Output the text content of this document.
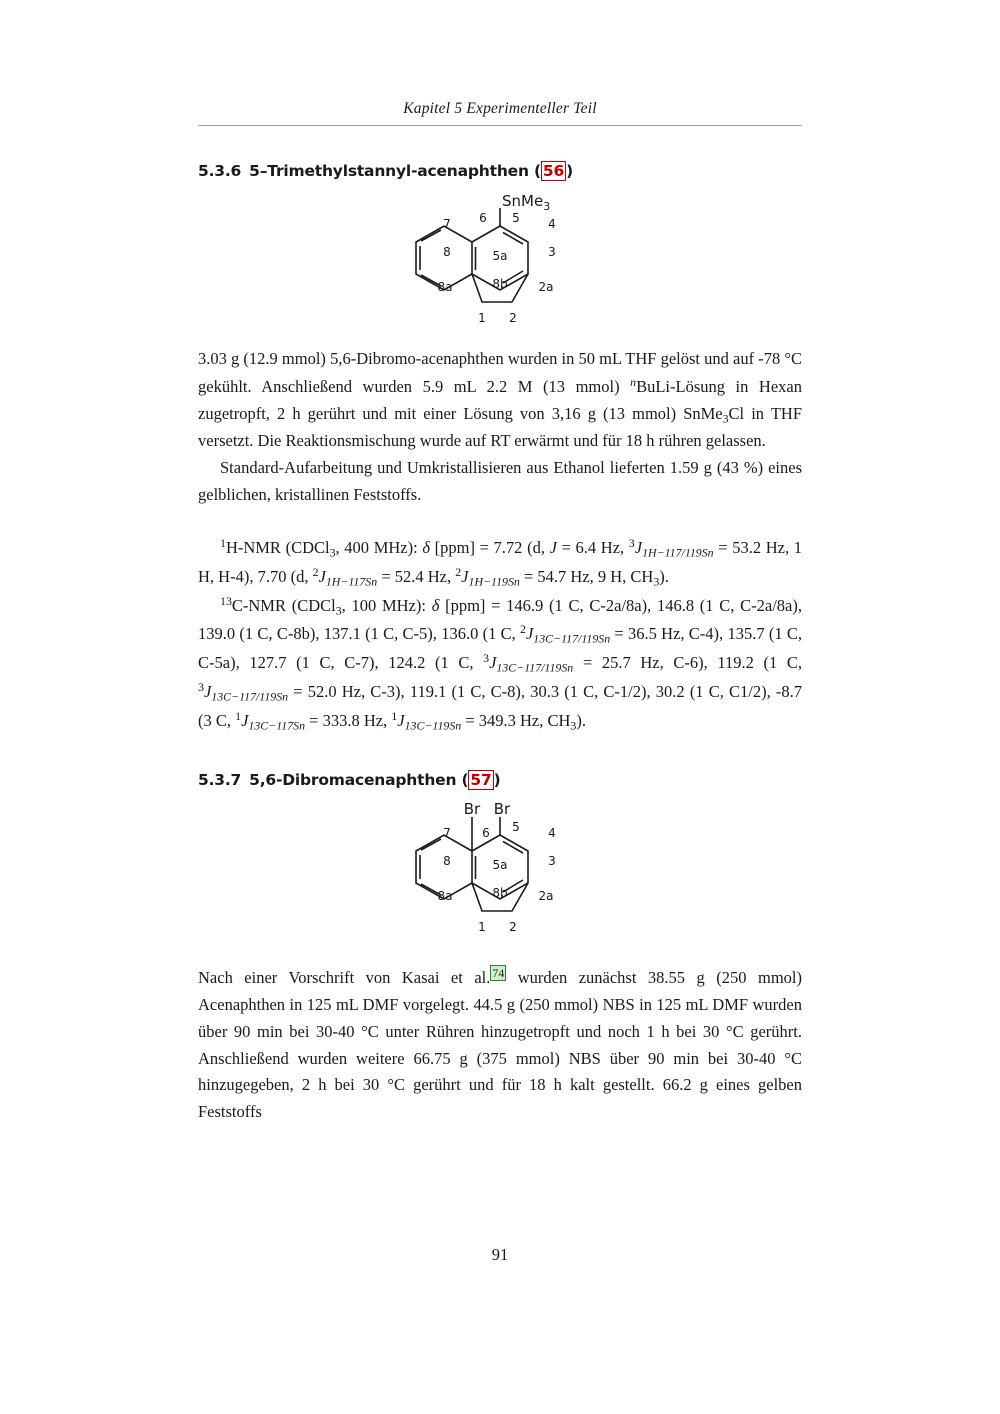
Kapitel 5 Experimenteller Teil
5.3.6 5–Trimethylstannyl-acenaphthen ( 56 )
6 5
7
5a
4
8	3
8a	8b	2a
1 2
SnMe$_3$

3.03 g (12.9 mmol) 5,6-Dibromo-acenaphthen wurden in 50 mL THF gelöst und auf -78 °C gekühlt. Anschließend wurden 5.9 mL 2.2 M (13 mmol) $^n$BuLi-Lösung in Hexan zugetropft, 2 h gerührt und mit einer Lösung von 3,16 g (13 mmol) SnMe$_3$Cl in THF versetzt. Die Reaktionsmischung wurde auf RT erwärmt und für 18 h rühren gelassen.

Standard-Aufarbeitung und Umkristallisieren aus Ethanol lieferten 1.59 g (43 %) eines gelblichen, kristallinen Feststoffs.

$^1$H-NMR (CDCl$_3$, 400 MHz): δ [ppm] = 7.72 (d, J = 6.4 Hz, $^3J_{1H-117/119Sn} = 53.2$ Hz, 1 H, H-4), 7.70 (d, $^2J_{1H-117Sn} = 52.4$ Hz, $^2J_{1H-119Sn} = 54.7$ Hz, 9 H, $CH_3$).

$^{13}$C-NMR (CDCl$_3$, 100 MHz): δ [ppm] = 146.9 (1 C, C-2a/8a), 146.8 (1 C, C-2a/8a), 139.0 (1 C, C-8b), 137.1 (1 C, C-5), 136.0 (1 C, $^2J_{13C-117/119Sn} = 36.5$ Hz, C-4), 135.7 (1 C, C-5a), 127.7 (1 C, C-7), 124.2 (1 C, $^3J_{13C-117/119Sn} = 25.7$ Hz, C-6), 119.2 (1 C, $^3J_{13C-117/119Sn} = 52.0$ Hz, C-3), 119.1 (1 C, C-8), 30.3 (1 C, C-1/2), 30.2 (1 C, C1/2), -8.7 (3 C, $^1J_{13C-117Sn} = 333.8$ Hz, $^1J_{13C-119Sn} = 349.3$ Hz, $CH_3$).

5.3.7 5,6-Dibromacenaphthen ( 57 )
6 5
7
5a
4
8	3
8a	8b	2a
1 2
Br Br

Nach einer Vorschrift von Kasai et al. $^{74}$ wurden zunächst 38.55 g (250 mmol) Acenaphthen in 125 mL DMF vorgelegt. 44.5 g (250 mmol) NBS in 125 mL DMF wurden über 90 min bei 30-40 °C unter Rühren hinzugetropft und noch 1 h bei 30 °C gerührt. Anschließend wurden weitere 66.75 g (375 mmol) NBS über 90 min bei 30-40 °C hinzugegeben, 2 h bei 30 °C gerührt und für 18 h kalt gestellt. 66.2 g eines gelben Feststoffs

91
